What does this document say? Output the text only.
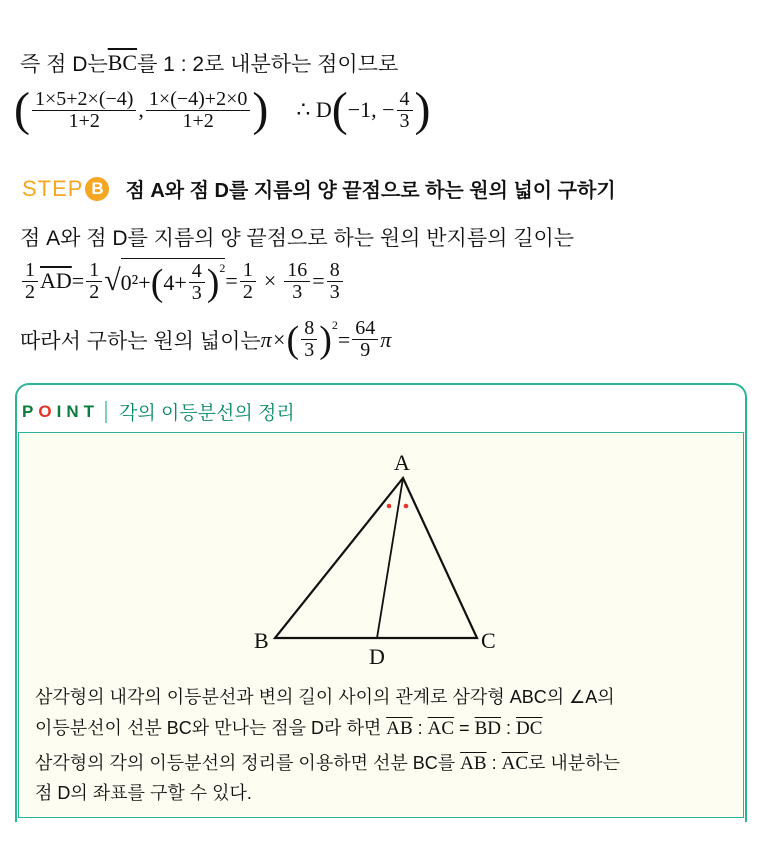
즉 점 D는 $\overline{BC}$ 를 1 : 2로 내분하는 점이므로
( $\frac{1\times 5+2\times(-4)}{1+2}$ , $\frac{1\times(-4)+2\times 0}{1+2}$ ) ∴ D ( −1, − $\frac{4}{3}$ )
STEP B 점 A와 점 D를 지름의 양 끝점으로 하는 원의 넓이 구하기
점 A와 점 D를 지름의 양 끝점으로 하는 원의 반지름의 길이는
$\frac{1}{2} \overline{AD} = \frac{1}{2}$ √ 0²+ ( $4+ \frac{4}{3} )^2 = \frac{1}{2} \times \frac{16}{3} = \frac{8}{3}$
따라서 구하는 원의 넓이는 π× ( $\frac{8}{3} )^2$
= $\frac{64}{9}$ π
POINT 각의 이등분선의 정리
A
B	C
D
삼각형의 내각의 이등분선과 변의 길이 사이의 관계로 삼각형 ABC의 ∠A의
이등분선이 선분 BC와 만나는 점을 D라 하면 $\overline{AB}$ : $\overline{AC} = \overline{BD}$ : $\overline{DC}$
삼각형의 각의 이등분선의 정리를 이용하면 선분 BC를 $\overline{AB}$ : $\overline{AC}$로 내분하는
점 D의 좌표를 구할 수 있다.
